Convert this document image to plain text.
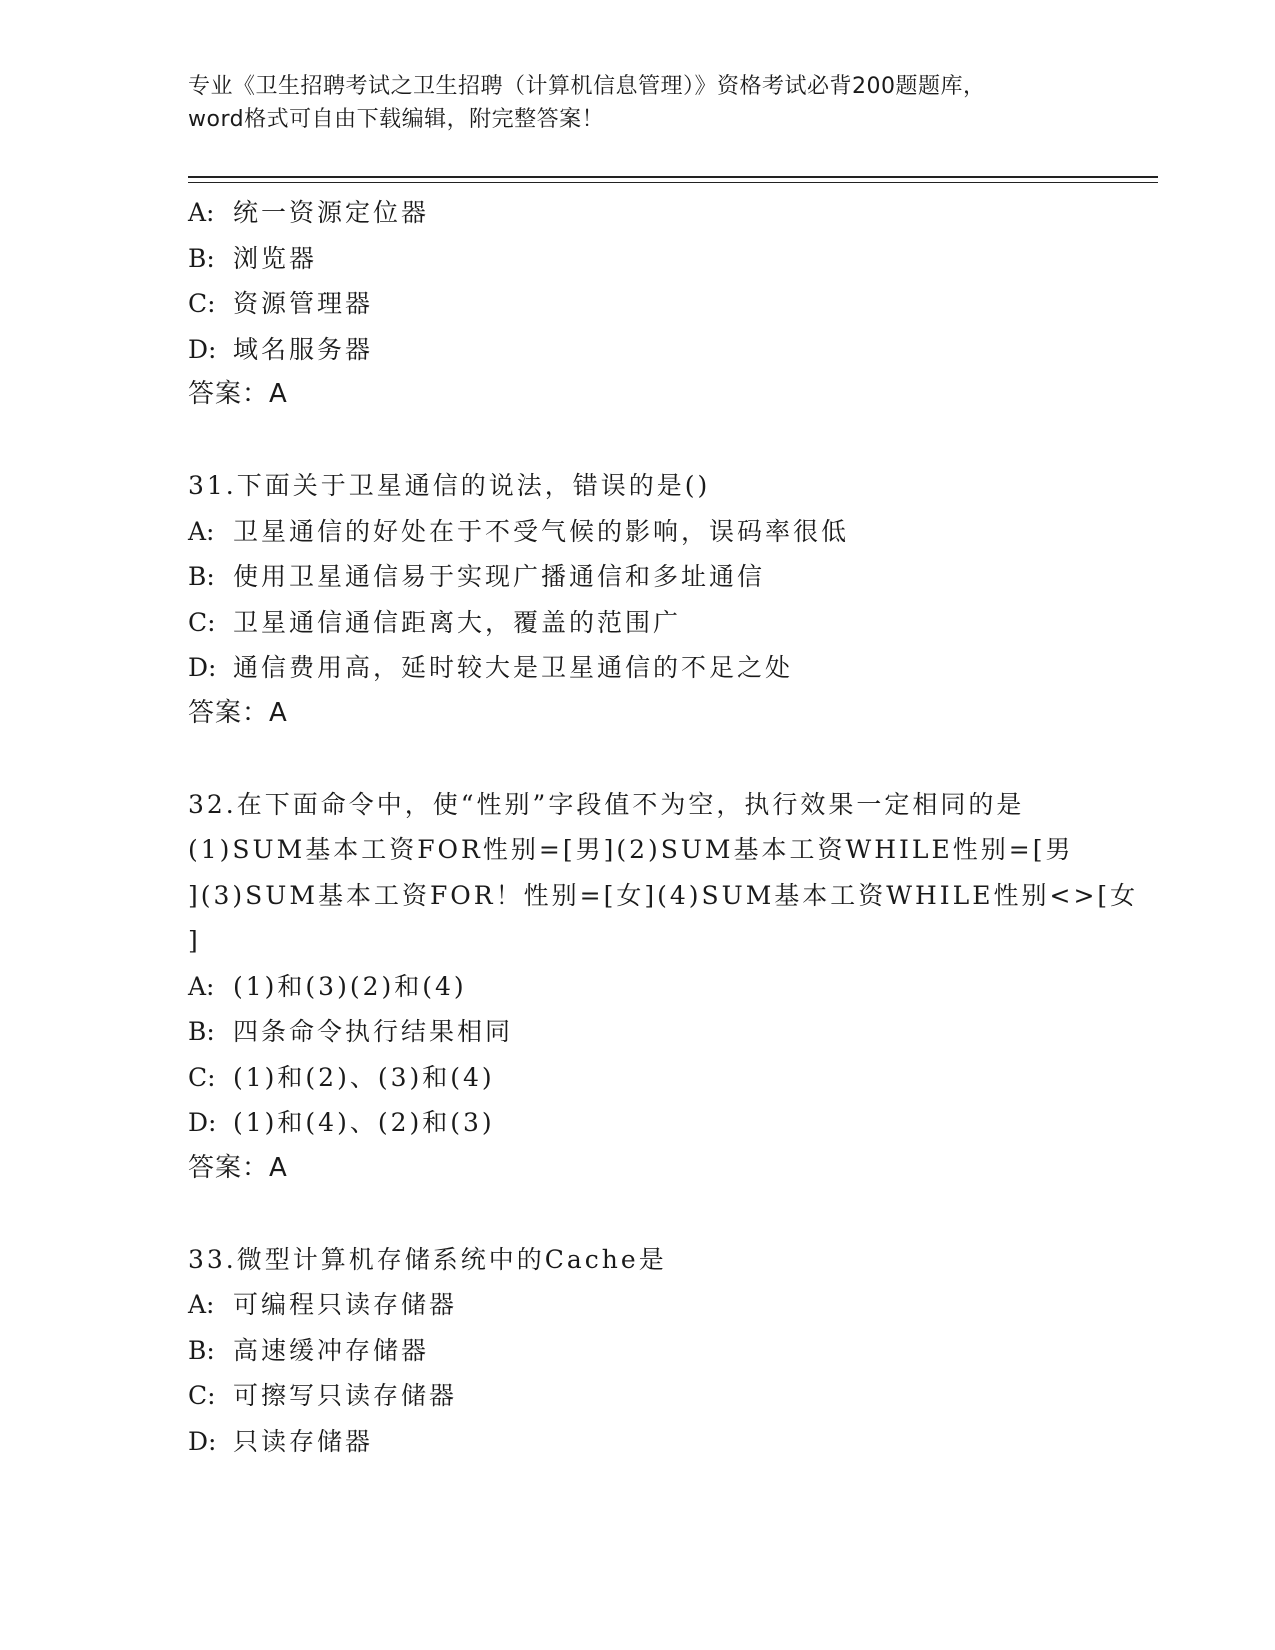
专业《卫生招聘考试之卫生招聘（计算机信息管理）》资格考试必背200题题库，
word格式可自由下载编辑，附完整答案！
A: 统一资源定位器
B: 浏览器
C: 资源管理器
D: 域名服务器
答案：A
31.下面关于卫星通信的说法，错误的是()
A: 卫星通信的好处在于不受气候的影响，误码率很低
B: 使用卫星通信易于实现广播通信和多址通信
C: 卫星通信通信距离大，覆盖的范围广
D: 通信费用高，延时较大是卫星通信的不足之处
答案：A
32.在下面命令中，使“性别”字段值不为空，执行效果一定相同的是
(1)SUM基本工资FOR性别=[男](2)SUM基本工资WHILE性别=[男
](3)SUM基本工资FOR！性别=[女](4)SUM基本工资WHILE性别<>[女
]
A: (1)和(3)(2)和(4)
B: 四条命令执行结果相同
C: (1)和(2)、(3)和(4)
D: (1)和(4)、(2)和(3)
答案：A
33.微型计算机存储系统中的Cache是
A: 可编程只读存储器
B: 高速缓冲存储器
C: 可擦写只读存储器
D: 只读存储器
